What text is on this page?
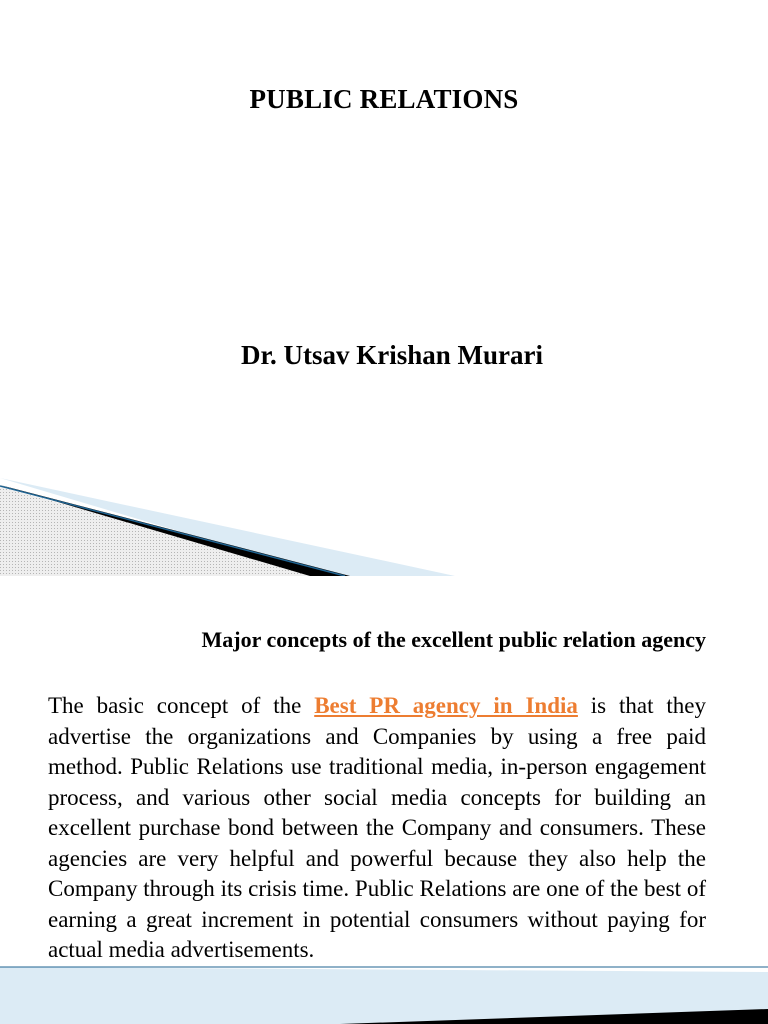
PUBLIC RELATIONS
Dr. Utsav Krishan Murari
Major concepts of the excellent public relation agency

The basic concept of the Best PR agency in India is that they advertise the organizations and Companies by using a free paid method. Public Relations use traditional media, in-person engagement process, and various other social media concepts for building an excellent purchase bond between the Company and consumers. These agencies are very helpful and powerful because they also help the Company through its crisis time. Public Relations are one of the best of earning a great increment in potential consumers without paying for actual media advertisements.
